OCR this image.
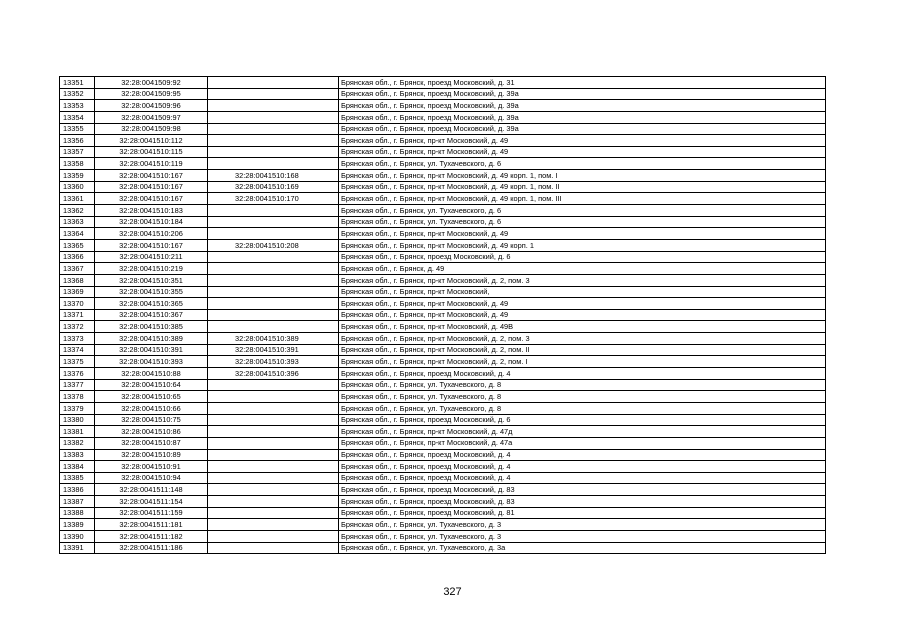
13351	32:28:0041509:92		Брянская обл., г. Брянск, проезд Московский, д. 31
13352	32:28:0041509:95		Брянская обл., г. Брянск, проезд Московский, д. 39а
13353	32:28:0041509:96		Брянская обл., г. Брянск, проезд Московский, д. 39а
13354	32:28:0041509:97		Брянская обл., г. Брянск, проезд Московский, д. 39а
13355	32:28:0041509:98		Брянская обл., г. Брянск, проезд Московский, д. 39а
13356	32:28:0041510:112		Брянская обл., г. Брянск, пр-кт Московский, д. 49
13357	32:28:0041510:115		Брянская обл., г. Брянск, пр-кт Московский, д. 49
13358	32:28:0041510:119		Брянская обл., г. Брянск, ул. Тухачевского, д. 6
13359	32:28:0041510:167	32:28:0041510:168	Брянская обл., г. Брянск, пр-кт Московский, д. 49 корп. 1, пом. I
13360	32:28:0041510:167	32:28:0041510:169	Брянская обл., г. Брянск, пр-кт Московский, д. 49 корп. 1, пом. II
13361	32:28:0041510:167	32:28:0041510:170	Брянская обл., г. Брянск, пр-кт Московский, д. 49 корп. 1, пом. III
13362	32:28:0041510:183		Брянская обл., г. Брянск, ул. Тухачевского, д. 6
13363	32:28:0041510:184		Брянская обл., г. Брянск, ул. Тухачевского, д. 6
13364	32:28:0041510:206		Брянская обл., г. Брянск, пр-кт Московский, д. 49
13365	32:28:0041510:167	32:28:0041510:208	Брянская обл., г. Брянск, пр-кт Московский, д. 49 корп. 1
13366	32:28:0041510:211		Брянская обл., г. Брянск, проезд Московский, д. 6
13367	32:28:0041510:219		Брянская обл., г. Брянск, д. 49
13368	32:28:0041510:351		Брянская обл., г. Брянск, пр-кт Московский, д. 2, пом. 3
13369	32:28:0041510:355		Брянская обл., г. Брянск, пр-кт Московский,
13370	32:28:0041510:365		Брянская обл., г. Брянск, пр-кт Московский, д. 49
13371	32:28:0041510:367		Брянская обл., г. Брянск, пр-кт Московский, д. 49
13372	32:28:0041510:385		Брянская обл., г. Брянск, пр-кт Московский, д. 49В
13373	32:28:0041510:389	32:28:0041510:389	Брянская обл., г. Брянск, пр-кт Московский, д. 2, пом. 3
13374	32:28:0041510:391	32:28:0041510:391	Брянская обл., г. Брянск, пр-кт Московский, д. 2, пом. II
13375	32:28:0041510:393	32:28:0041510:393	Брянская обл., г. Брянск, пр-кт Московский, д. 2, пом. I
13376	32:28:0041510:88	32:28:0041510:396	Брянская обл., г. Брянск, проезд Московский, д. 4
13377	32:28:0041510:64		Брянская обл., г. Брянск, ул. Тухачевского, д. 8
13378	32:28:0041510:65		Брянская обл., г. Брянск, ул. Тухачевского, д. 8
13379	32:28:0041510:66		Брянская обл., г. Брянск, ул. Тухачевского, д. 8
13380	32:28:0041510:75		Брянская обл., г. Брянск, проезд Московский, д. 6
13381	32:28:0041510:86		Брянская обл., г. Брянск, пр-кт Московский, д. 47д
13382	32:28:0041510:87		Брянская обл., г. Брянск, пр-кт Московский, д. 47а
13383	32:28:0041510:89		Брянская обл., г. Брянск, проезд Московский, д. 4
13384	32:28:0041510:91		Брянская обл., г. Брянск, проезд Московский, д. 4
13385	32:28:0041510:94		Брянская обл., г. Брянск, проезд Московский, д. 4
13386	32:28:0041511:148		Брянская обл., г. Брянск, проезд Московский, д. 83
13387	32:28:0041511:154		Брянская обл., г. Брянск, проезд Московский, д. 83
13388	32:28:0041511:159		Брянская обл., г. Брянск, проезд Московский, д. 81
13389	32:28:0041511:181		Брянская обл., г. Брянск, ул. Тухачевского, д. 3
13390	32:28:0041511:182		Брянская обл., г. Брянск, ул. Тухачевского, д. 3
13391	32:28:0041511:186		Брянская обл., г. Брянск, ул. Тухачевского, д. 3а
327
